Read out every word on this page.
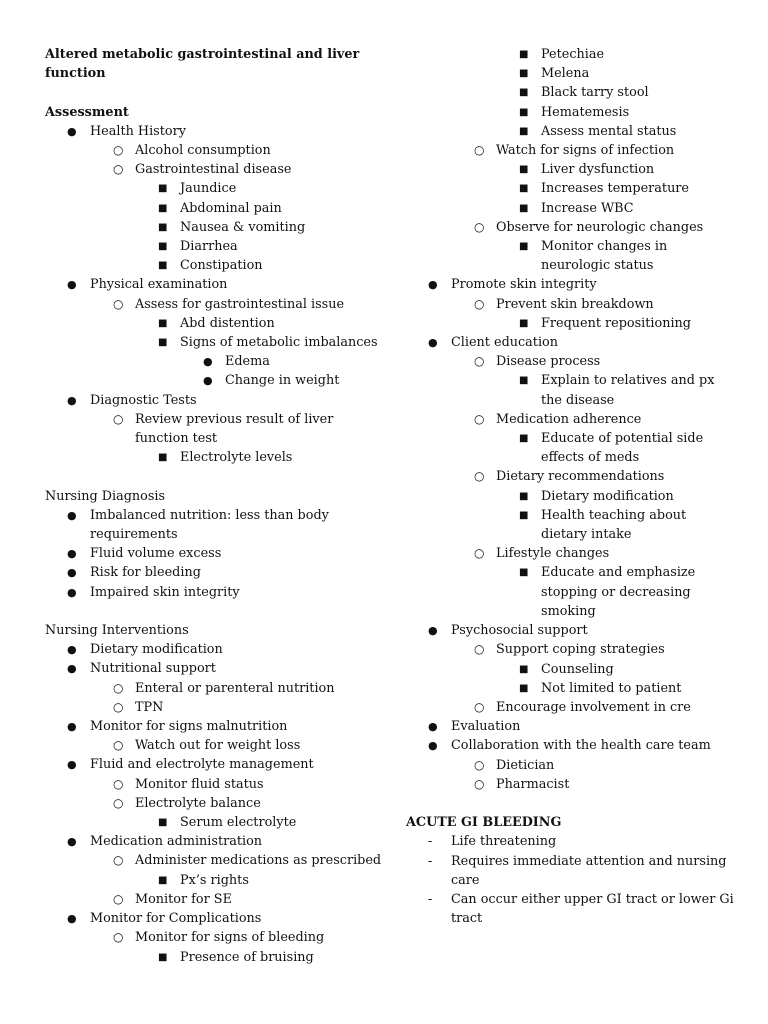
Altered metabolic gastrointestinal and liver function
Assessment
● Health History
○ Alcohol consumption
○ Gastrointestinal disease
■ Jaundice
■ Abdominal pain
■ Nausea & vomiting
■ Diarrhea
■ Constipation
● Physical examination
○ Assess for gastrointestinal issue
■ Abd distention
■ Signs of metabolic imbalances
● Edema
● Change in weight
● Diagnostic Tests
○ Review previous result of liver function test
■ Electrolyte levels
Nursing Diagnosis
● Imbalanced nutrition: less than body requirements
● Fluid volume excess
● Risk for bleeding
● Impaired skin integrity
Nursing Interventions
● Dietary modification
● Nutritional support
○ Enteral or parenteral nutrition
○ TPN
● Monitor for signs malnutrition
○ Watch out for weight loss
● Fluid and electrolyte management
○ Monitor fluid status
○ Electrolyte balance
■ Serum electrolyte
● Medication administration
○ Administer medications as prescribed
■ Px’s rights
○ Monitor for SE
● Monitor for Complications
○ Monitor for signs of bleeding
■ Presence of bruising
■ Petechiae
■ Melena
■ Black tarry stool
■ Hematemesis
■ Assess mental status
○ Watch for signs of infection
■ Liver dysfunction
■ Increases temperature
■ Increase WBC
○ Observe for neurologic changes
■ Monitor changes in neurologic status
● Promote skin integrity
○ Prevent skin breakdown
■ Frequent repositioning
● Client education
○ Disease process
■ Explain to relatives and px the disease
○ Medication adherence
■ Educate of potential side effects of meds
○ Dietary recommendations
■ Dietary modification
■ Health teaching about dietary intake
○ Lifestyle changes
■ Educate and emphasize stopping or decreasing smoking
● Psychosocial support
○ Support coping strategies
■ Counseling
■ Not limited to patient
○ Encourage involvement in cre
● Evaluation
● Collaboration with the health care team
○ Dietician
○ Pharmacist
ACUTE GI BLEEDING
- Life threatening
- Requires immediate attention and nursing care
- Can occur either upper GI tract or lower Gi tract
